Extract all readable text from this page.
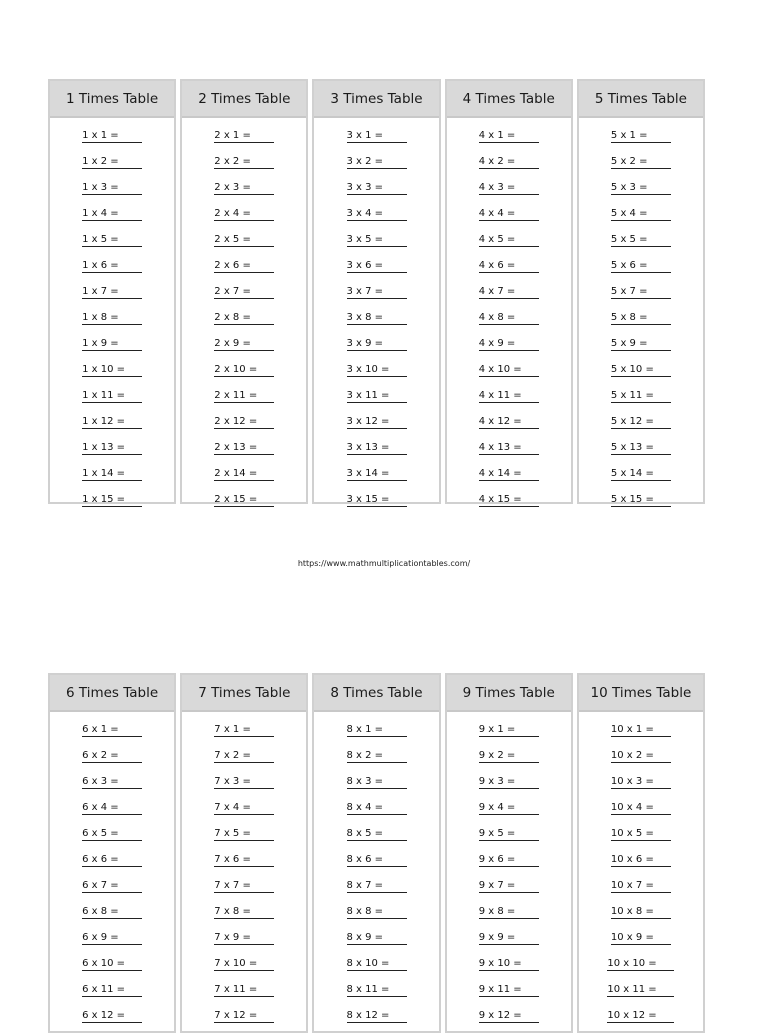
1 Times Table
1 x 1 =
1 x 2 =
1 x 3 =
1 x 4 =
1 x 5 =
1 x 6 =
1 x 7 =
1 x 8 =
1 x 9 =
1 x 10 =
1 x 11 =
1 x 12 =
1 x 13 =
1 x 14 =
1 x 15 =
2 Times Table
2 x 1 =
2 x 2 =
2 x 3 =
2 x 4 =
2 x 5 =
2 x 6 =
2 x 7 =
2 x 8 =
2 x 9 =
2 x 10 =
2 x 11 =
2 x 12 =
2 x 13 =
2 x 14 =
2 x 15 =
3 Times Table
3 x 1 =
3 x 2 =
3 x 3 =
3 x 4 =
3 x 5 =
3 x 6 =
3 x 7 =
3 x 8 =
3 x 9 =
3 x 10 =
3 x 11 =
3 x 12 =
3 x 13 =
3 x 14 =
3 x 15 =
4 Times Table
4 x 1 =
4 x 2 =
4 x 3 =
4 x 4 =
4 x 5 =
4 x 6 =
4 x 7 =
4 x 8 =
4 x 9 =
4 x 10 =
4 x 11 =
4 x 12 =
4 x 13 =
4 x 14 =
4 x 15 =
5 Times Table
5 x 1 =
5 x 2 =
5 x 3 =
5 x 4 =
5 x 5 =
5 x 6 =
5 x 7 =
5 x 8 =
5 x 9 =
5 x 10 =
5 x 11 =
5 x 12 =
5 x 13 =
5 x 14 =
5 x 15 =
https://www.mathmultiplicationtables.com/
6 Times Table
6 x 1 =
6 x 2 =
6 x 3 =
6 x 4 =
6 x 5 =
6 x 6 =
6 x 7 =
6 x 8 =
6 x 9 =
6 x 10 =
6 x 11 =
6 x 12 =
7 Times Table
7 x 1 =
7 x 2 =
7 x 3 =
7 x 4 =
7 x 5 =
7 x 6 =
7 x 7 =
7 x 8 =
7 x 9 =
7 x 10 =
7 x 11 =
7 x 12 =
8 Times Table
8 x 1 =
8 x 2 =
8 x 3 =
8 x 4 =
8 x 5 =
8 x 6 =
8 x 7 =
8 x 8 =
8 x 9 =
8 x 10 =
8 x 11 =
8 x 12 =
9 Times Table
9 x 1 =
9 x 2 =
9 x 3 =
9 x 4 =
9 x 5 =
9 x 6 =
9 x 7 =
9 x 8 =
9 x 9 =
9 x 10 =
9 x 11 =
9 x 12 =
10 Times Table
10 x 1 =
10 x 2 =
10 x 3 =
10 x 4 =
10 x 5 =
10 x 6 =
10 x 7 =
10 x 8 =
10 x 9 =
10 x 10 =
10 x 11 =
10 x 12 =
